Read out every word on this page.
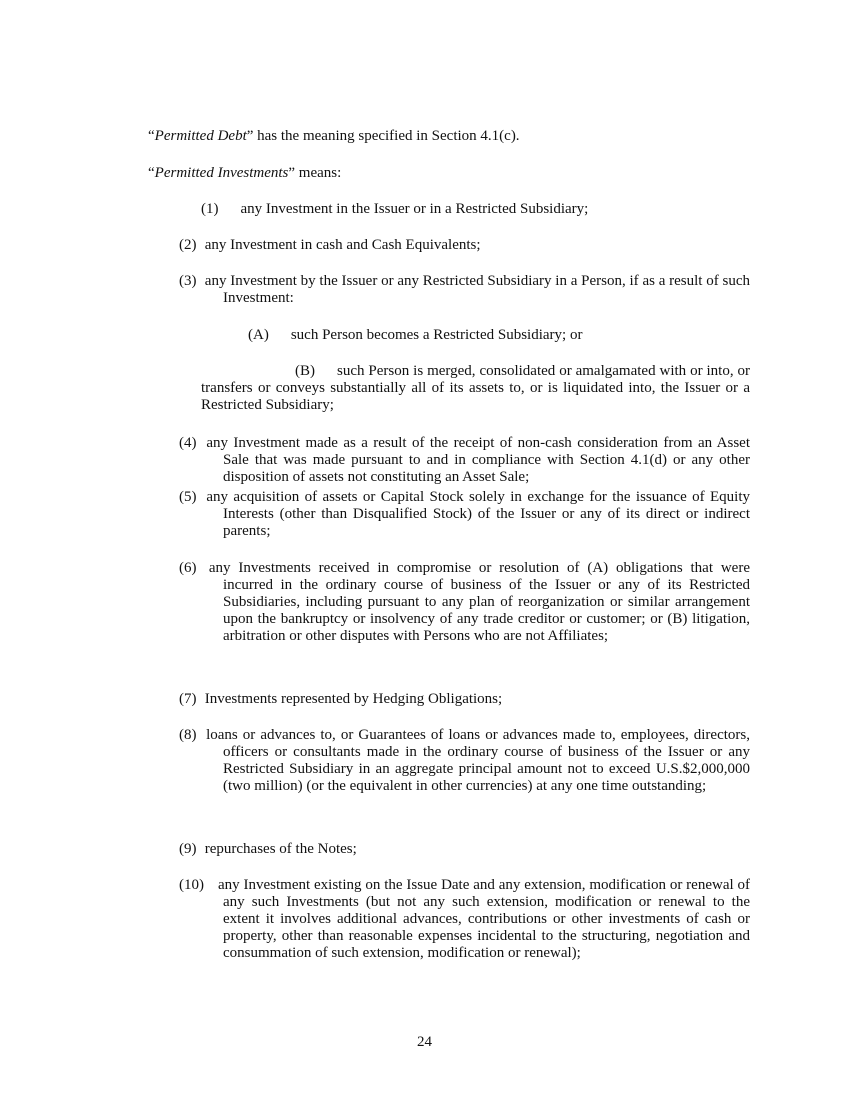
“Permitted Debt” has the meaning specified in Section 4.1(c).

“Permitted Investments” means:

(1) any Investment in the Issuer or in a Restricted Subsidiary;

(2) any Investment in cash and Cash Equivalents;

(3) any Investment by the Issuer or any Restricted Subsidiary in a Person, if as a result of such Investment:

(A) such Person becomes a Restricted Subsidiary; or

(B) such Person is merged, consolidated or amalgamated with or into, or transfers or conveys substantially all of its assets to, or is liquidated into, the Issuer or a Restricted Subsidiary;

(4) any Investment made as a result of the receipt of non-cash consideration from an Asset Sale that was made pursuant to and in compliance with Section 4.1(d) or any other disposition of assets not constituting an Asset Sale;

(5) any acquisition of assets or Capital Stock solely in exchange for the issuance of Equity Interests (other than Disqualified Stock) of the Issuer or any of its direct or indirect parents;

(6) any Investments received in compromise or resolution of (A) obligations that were incurred in the ordinary course of business of the Issuer or any of its Restricted Subsidiaries, including pursuant to any plan of reorganization or similar arrangement upon the bankruptcy or insolvency of any trade creditor or customer; or (B) litigation, arbitration or other disputes with Persons who are not Affiliates;

(7) Investments represented by Hedging Obligations;

(8) loans or advances to, or Guarantees of loans or advances made to, employees, directors, officers or consultants made in the ordinary course of business of the Issuer or any Restricted Subsidiary in an aggregate principal amount not to exceed U.S.$2,000,000 (two million) (or the equivalent in other currencies) at any one time outstanding;

(9) repurchases of the Notes;

(10) any Investment existing on the Issue Date and any extension, modification or renewal of any such Investments (but not any such extension, modification or renewal to the extent it involves additional advances, contributions or other investments of cash or property, other than reasonable expenses incidental to the structuring, negotiation and consummation of such extension, modification or renewal);

24
